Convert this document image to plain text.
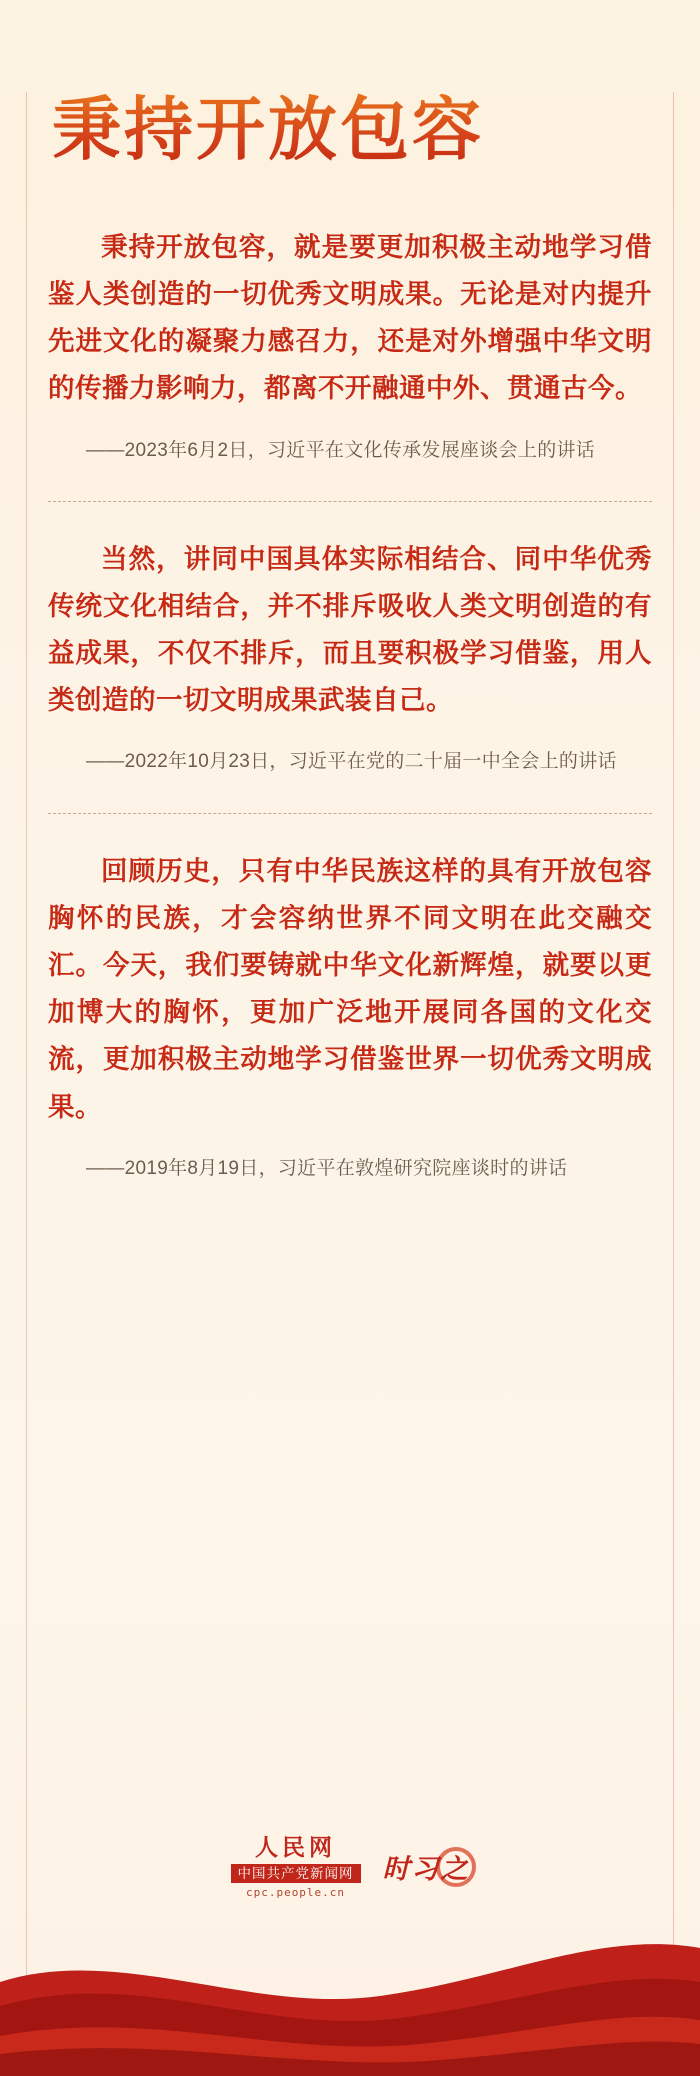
秉持开放包容

秉持开放包容，就是要更加积极主动地学习借鉴人类创造的一切优秀文明成果。无论是对内提升先进文化的凝聚力感召力，还是对外增强中华文明的传播力影响力，都离不开融通中外、贯通古今。

——2023年6月2日，习近平在文化传承发展座谈会上的讲话

当然，讲同中国具体实际相结合、同中华优秀传统文化相结合，并不排斥吸收人类文明创造的有益成果，不仅不排斥，而且要积极学习借鉴，用人类创造的一切文明成果武装自己。

——2022年10月23日，习近平在党的二十届一中全会上的讲话

回顾历史，只有中华民族这样的具有开放包容胸怀的民族，才会容纳世界不同文明在此交融交汇。今天，我们要铸就中华文化新辉煌，就要以更加博大的胸怀，更加广泛地开展同各国的文化交流，更加积极主动地学习借鉴世界一切优秀文明成果。

——2019年8月19日，习近平在敦煌研究院座谈时的讲话

人民网
中国共产党新闻网
cpc.people.cn
时习之
